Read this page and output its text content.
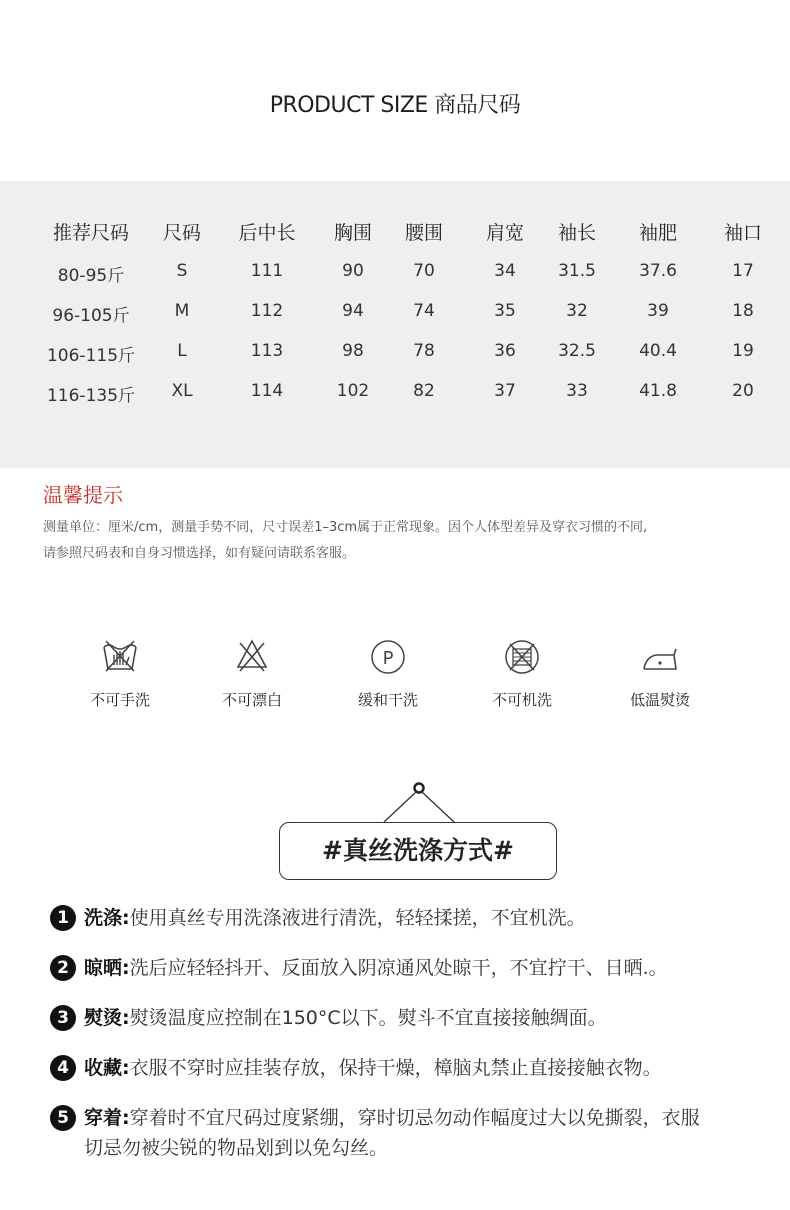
PRODUCT SIZE 商品尺码
推荐尺码	尺码	后中长	胸围	腰围	肩宽	袖长	袖肥	袖口
80-95斤	S	111	90	70	34	31.5	37.6	17
96-105斤	M	112	94	74	35	32	39	18
106-115斤	L	113	98	78	36	32.5	40.4	19
116-135斤	XL	114	102	82	37	33	41.8	20
温馨提示

测量单位：厘米/cm，测量手势不同，尺寸误差1–3cm属于正常现象。因个人体型差异及穿衣习惯的不同,

请参照尺码表和自身习惯选择，如有疑问请联系客服。

不可手洗	不可漂白
P
缓和干洗	不可机洗	低温熨烫
#真丝洗涤方式#
1 洗涤:使用真丝专用洗涤液进行清洗，轻轻揉搓，不宜机洗。
2 晾晒:洗后应轻轻抖开、反面放入阴凉通风处晾干，不宜拧干、日晒.。
3 熨烫:熨烫温度应控制在150°C以下。熨斗不宜直接接触绸面。
4 收藏:衣服不穿时应挂装存放，保持干燥，樟脑丸禁止直接接触衣物。
5 穿着:穿着时不宜尺码过度紧绷，穿时切忌勿动作幅度过大以免撕裂，衣服
切忌勿被尖锐的物品划到以免勾丝。
